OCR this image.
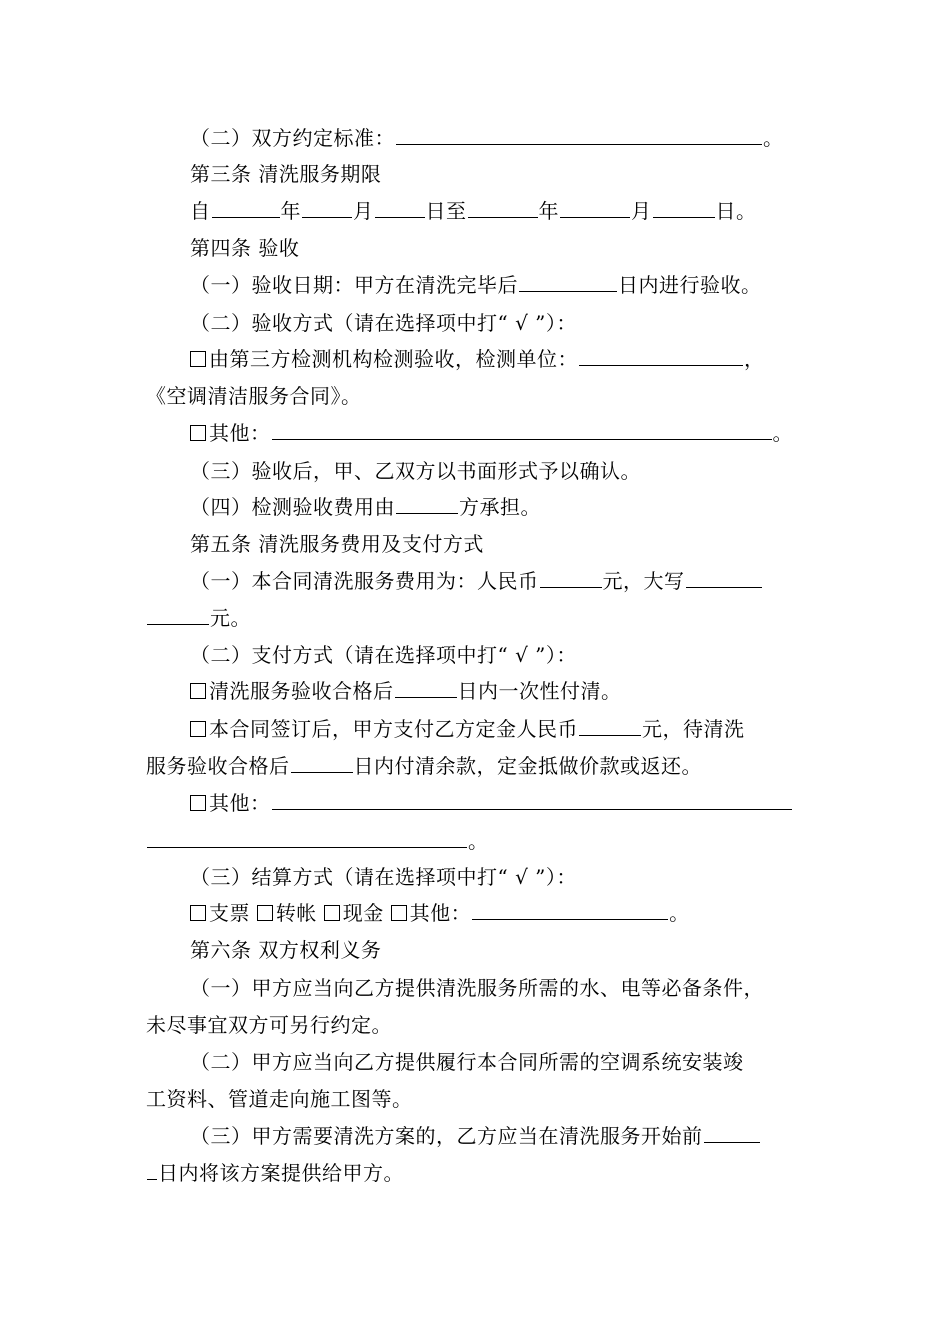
（二）双方约定标准：	。
第三条 清洗服务期限
自	年	月	日至	年	月	日。
第四条 验收
（一）验收日期：甲方在清洗完毕后	日内进行验收。
（二）验收方式（请在选择项中打“ √ ”）：
由第三方检测机构检测验收，检测单位：	，
《空调清洁服务合同》。
其他：	。
（三）验收后，甲、乙双方以书面形式予以确认。
（四）检测验收费用由	方承担。
第五条 清洗服务费用及支付方式
（一）本合同清洗服务费用为：人民币	元，大写
元。
（二）支付方式（请在选择项中打“ √ ”）：
清洗服务验收合格后	日内一次性付清。
本合同签订后，甲方支付乙方定金人民币	元，待清洗
服务验收合格后	日内付清余款，定金抵做价款或返还。
其他：
。
（三）结算方式（请在选择项中打“ √ ”）：
支票 转帐 现金 其他：	。
第六条 双方权利义务
（一）甲方应当向乙方提供清洗服务所需的水、电等必备条件，
未尽事宜双方可另行约定。
（二）甲方应当向乙方提供履行本合同所需的空调系统安装竣
工资料、管道走向施工图等。
（三）甲方需要清洗方案的，乙方应当在清洗服务开始前
日内将该方案提供给甲方。
